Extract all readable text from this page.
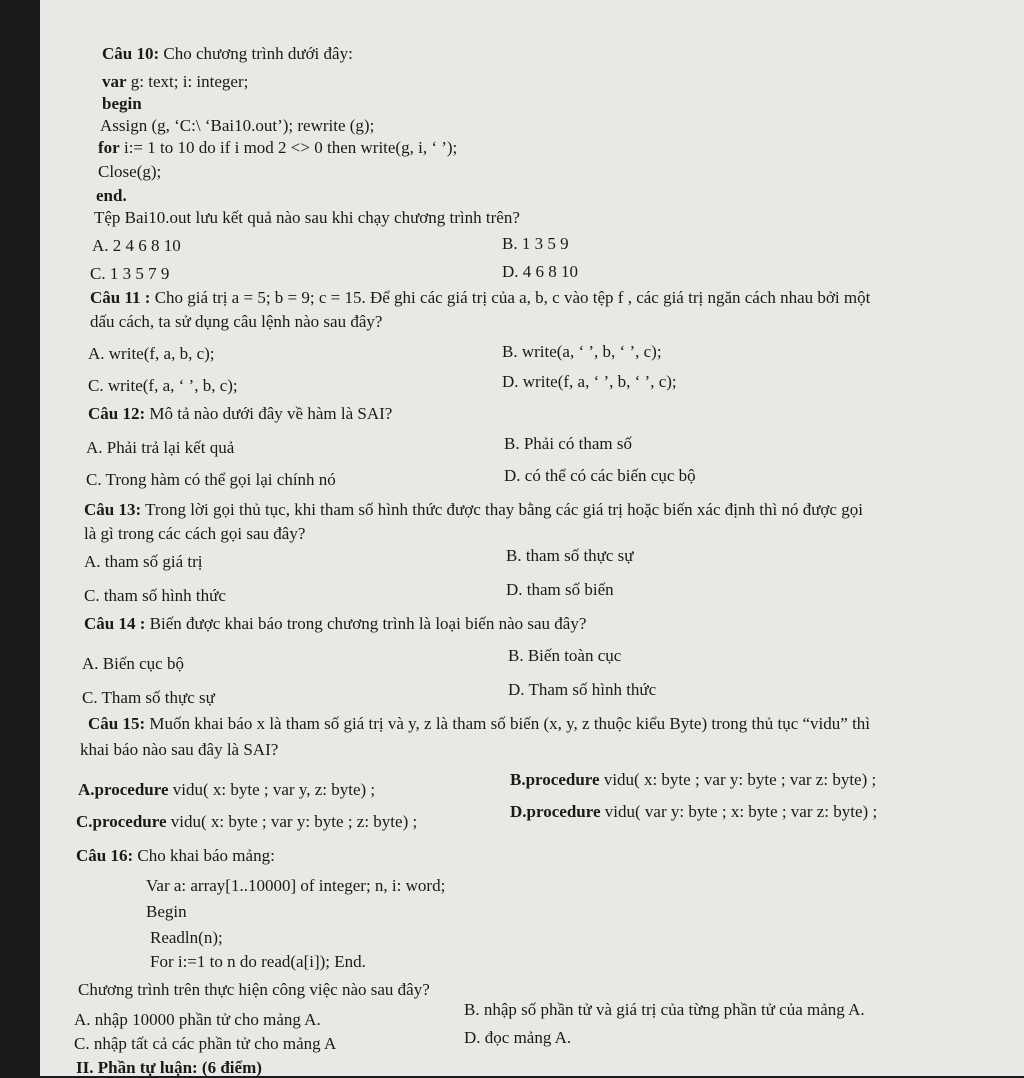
Câu 10: Cho chương trình dưới đây:
var g: text; i: integer;
begin
Assign (g, ‘C:\ ‘Bai10.out’); rewrite (g);
for i:= 1 to 10 do if i mod 2 <> 0 then write(g, i, ‘ ’);
Close(g);
end.
Tệp Bai10.out lưu kết quả nào sau khi chạy chương trình trên?
A. 2 4 6 8 10	B. 1 3 5 9
C. 1 3 5 7 9	D. 4 6 8 10
Câu 11 : Cho giá trị a = 5; b = 9; c = 15. Để ghi các giá trị của a, b, c vào tệp f , các giá trị ngăn cách nhau bởi một
dấu cách, ta sử dụng câu lệnh nào sau đây?
A. write(f, a, b, c);	B. write(a, ‘ ’, b, ‘ ’, c);
C. write(f, a, ‘ ’, b, c);	D. write(f, a, ‘ ’, b, ‘ ’, c);
Câu 12: Mô tả nào dưới đây về hàm là SAI?
A. Phải trả lại kết quả	B. Phải có tham số
C. Trong hàm có thể gọi lại chính nó	D. có thể có các biến cục bộ
Câu 13: Trong lời gọi thủ tục, khi tham số hình thức được thay bằng các giá trị hoặc biến xác định thì nó được gọi
là gì trong các cách gọi sau đây?
A. tham số giá trị	B. tham số thực sự
C. tham số hình thức	D. tham số biến
Câu 14 : Biến được khai báo trong chương trình là loại biến nào sau đây?
A. Biến cục bộ	B. Biến toàn cục
C. Tham số thực sự	D. Tham số hình thức
Câu 15: Muốn khai báo x là tham số giá trị và y, z là tham số biến (x, y, z thuộc kiểu Byte) trong thủ tục “vidu” thì
khai báo nào sau đây là SAI?
A.procedure vidu( x: byte ; var y, z: byte) ;
B.procedure vidu( x: byte ; var y: byte ; var z: byte) ;
C.procedure vidu( x: byte ; var y: byte ; z: byte) ;
D.procedure vidu( var y: byte ; x: byte ; var z: byte) ;
Câu 16: Cho khai báo mảng:
Var a: array[1..10000] of integer; n, i: word;
Begin
Readln(n);
For i:=1 to n do read(a[i]); End.
Chương trình trên thực hiện công việc nào sau đây?
A. nhập 10000 phần tử cho mảng A.
B. nhập số phần tử và giá trị của từng phần tử của mảng A.
C. nhập tất cả các phần tử cho mảng A	D. đọc mảng A.
II. Phần tự luận: (6 điểm)
